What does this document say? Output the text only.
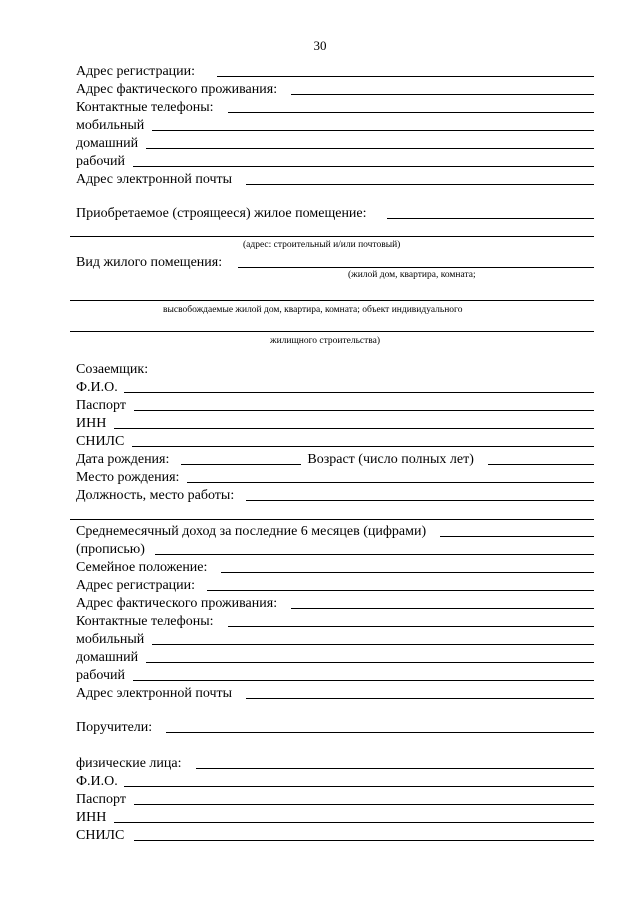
30
Адрес регистрации:
Адрес фактического проживания:
Контактные телефоны:
мобильный
домашний
рабочий
Адрес электронной почты
Приобретаемое (строящееся) жилое помещение:
(адрес: строительный и/или почтовый)
Вид жилого помещения:
(жилой дом, квартира, комната;
высвобождаемые жилой дом, квартира, комната; объект индивидуального
жилищного строительства)
Созаемщик:
Ф.И.О.
Паспорт
ИНН
СНИЛС
Дата рождения:	Возраст (число полных лет)
Место рождения:
Должность, место работы:
Среднемесячный доход за последние 6 месяцев (цифрами)
(прописью)
Семейное положение:
Адрес регистрации:
Адрес фактического проживания:
Контактные телефоны:
мобильный
домашний
рабочий
Адрес электронной почты
Поручители:
физические лица:
Ф.И.О.
Паспорт
ИНН
СНИЛС
